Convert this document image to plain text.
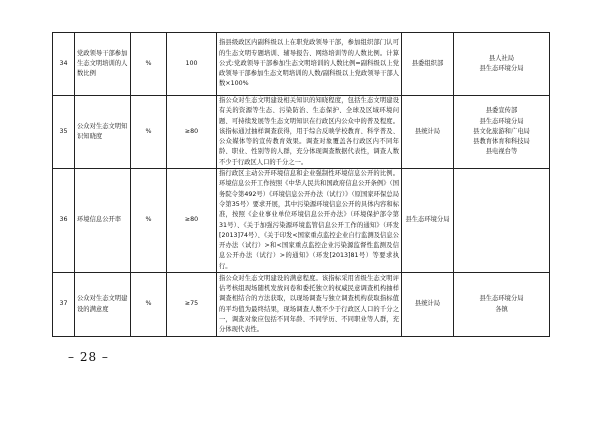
34	党政领导干部参加生态文明培训的人数比例	%	100	指县级政区内副科级以上在职党政领导干部，参加组织部门认可的生态文明专题培训、辅导报告、网络培训等的人数比例。计算公式:党政领导干部参加生态文明培训的人数比例=副科级以上党政领导干部参加生态文明培训的人数/副科级以上党政领导干部人数×100%	县委组织部	县人社局
县生态环境分局

35	公众对生态文明知识知晓度	%	≥80	指公众对生态文明建设相关知识的知晓程度，包括生态文明建设有关的资源等生态、污染防治、生态保护、全球及区域环境问题、可持续发展等生态文明知识在行政区内公众中的普及程度。该指标通过抽样调查获得，用于综合反映学校教育、科学普及、公众媒体等的宣传教育效果。调查对象覆盖各行政区内不同年龄、职业、性别等的人群，充分体现调查数据代表性，调查人数不少于行政区人口的千分之一。	县统计局	县委宣传部
县生态环境分局
县文化旅游和广电局
县教育体育和科技局
县电视台等

36	环境信息公开率	%	≥80	指行政区主动公开环境信息和企业强制性环境信息公开的比例。环境信息公开工作按照《中华人民共和国政府信息公开条例》（国务院令第492号）《环境信息公开办法（试行）》（原国家环保总局令第35号）要求开展，其中污染源环境信息公开的具体内容和标准，按照《企业事业单位环境信息公开办法》（环境保护部令第31号）、《关于加强污染源环境监管信息公开工作的通知》（环发[2013]74号）、《关于印发<国家重点监控企业自行监测及信息公开办法（试行）>和<国家重点监控企业污染源监督性监测及信息公开办法（试行）>的通知》（环发[2013]81号）等要求执行。	县生态环境分局	
37	公众对生态文明建设的满意度	%	≥75	指公众对生态文明建设的满意程度。该指标采用省级生态文明评估考核组现场随机发放问卷和委托独立的权威民意调查机构抽样调查相结合的方法获取，以现场调查与独立调查机构获取指标值的平均值为最终结果，现场调查人数不少于行政区人口的千分之一，调查对象应包括不同年龄、不同学历、不同职业等人群，充分体现代表性。	县统计局	县生态环境分局
各镇
– 28 –
